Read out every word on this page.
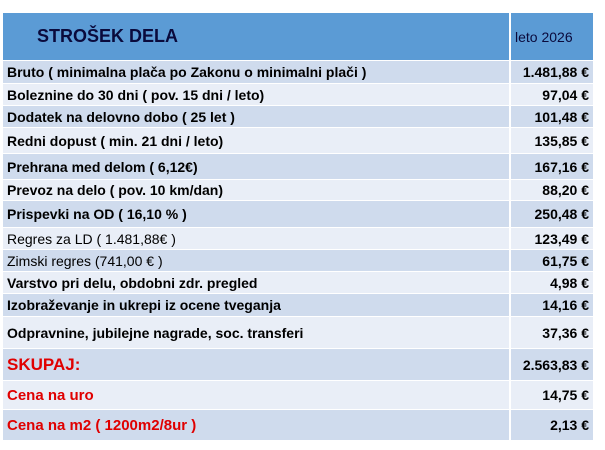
STROŠEK DELA	leto 2026
Bruto ( minimalna plača po Zakonu o minimalni plači )	1.481,88 €
Boleznine do 30 dni ( pov. 15 dni / leto)	97,04 €
Dodatek na delovno dobo ( 25 let )	101,48 €
Redni dopust ( min. 21 dni / leto)	135,85 €
Prehrana med delom ( 6,12€)	167,16 €
Prevoz na delo ( pov. 10 km/dan)	88,20 €
Prispevki na OD ( 16,10 % )	250,48 €
Regres za LD ( 1.481,88€ )	123,49 €
Zimski regres (741,00 € )	61,75 €
Varstvo pri delu, obdobni zdr. pregled	4,98 €
Izobraževanje in ukrepi iz ocene tveganja	14,16 €
Odpravnine, jubilejne nagrade, soc. transferi	37,36 €
SKUPAJ:	2.563,83 €
Cena na uro	14,75 €
Cena na m2 ( 1200m2/8ur )	2,13 €
